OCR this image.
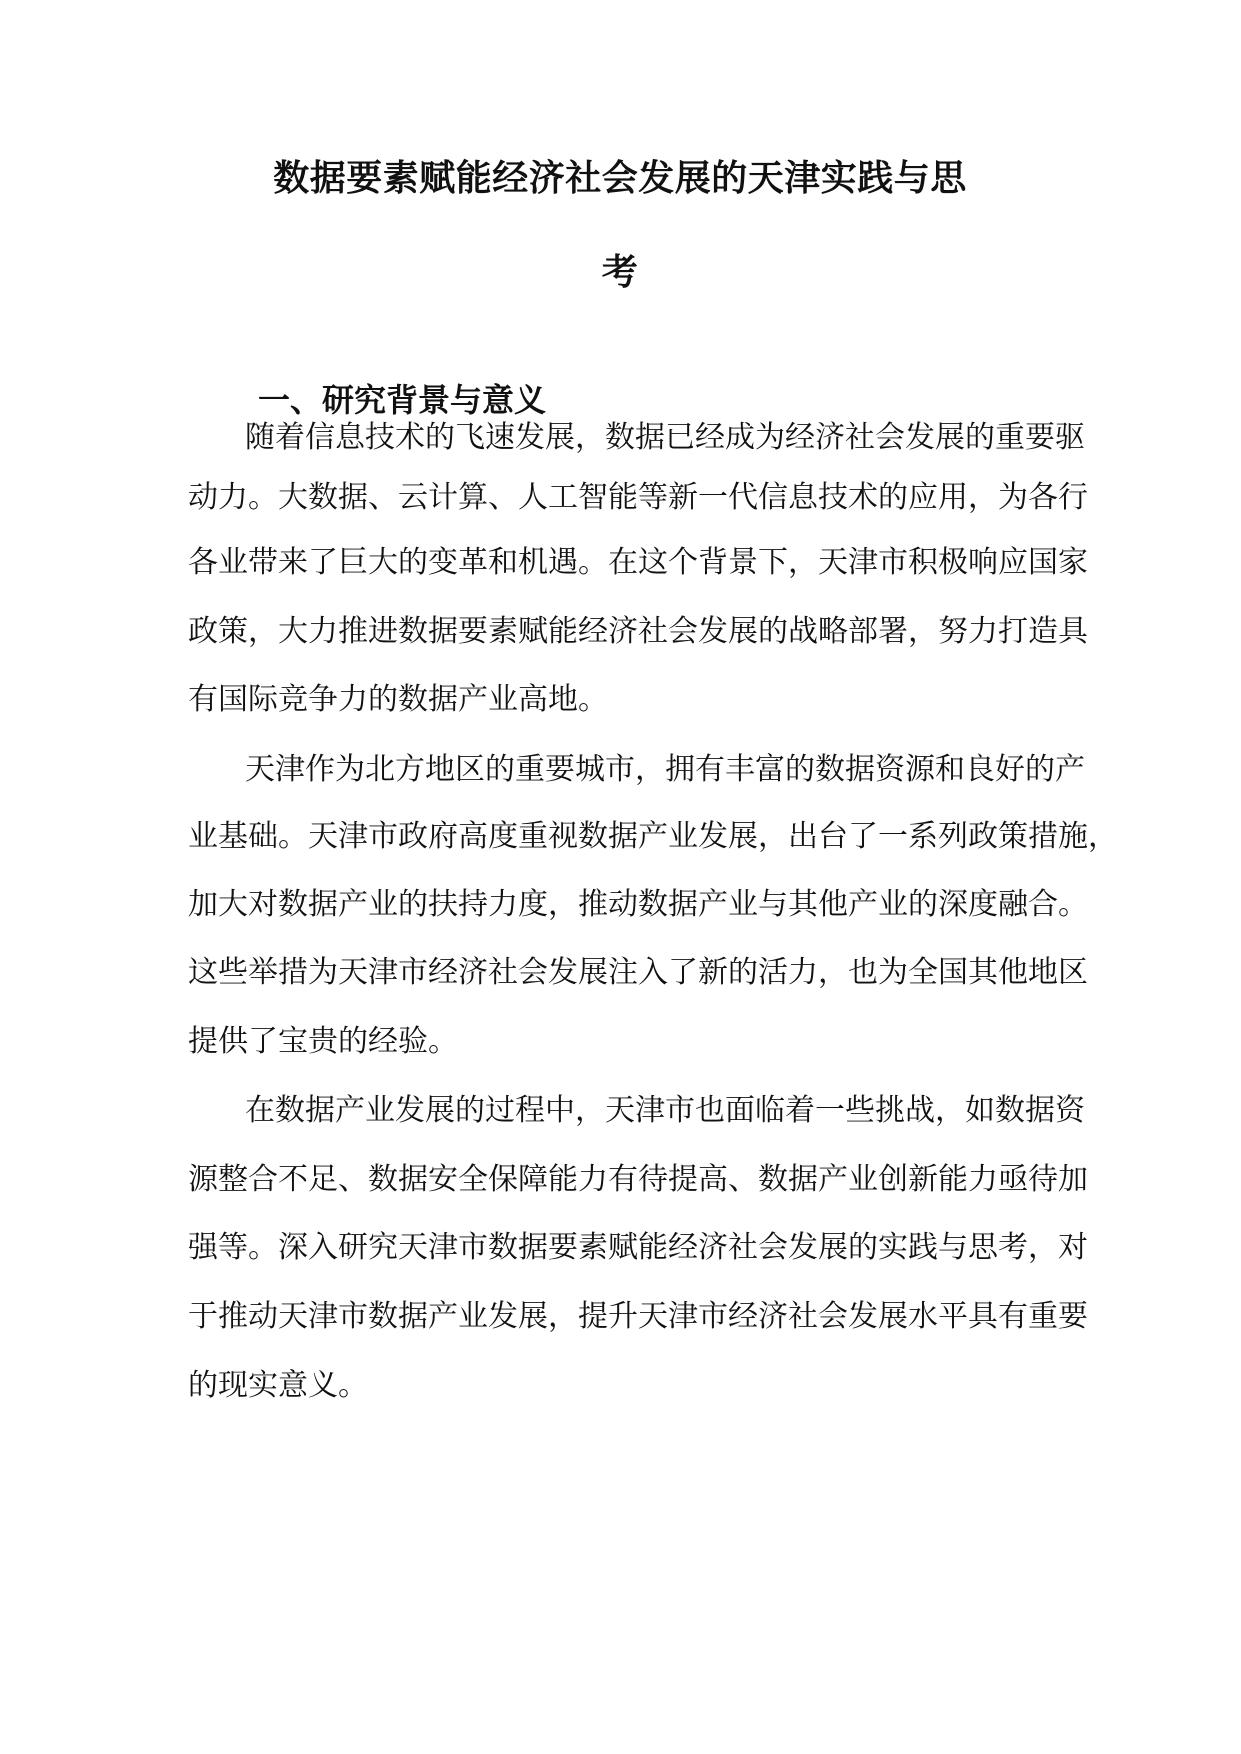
数据要素赋能经济社会发展的天津实践与思
考
一、研究背景与意义

随着信息技术的飞速发展，数据已经成为经济社会发展的重要驱

动力。大数据、云计算、人工智能等新一代信息技术的应用，为各行

各业带来了巨大的变革和机遇。在这个背景下，天津市积极响应国家

政策，大力推进数据要素赋能经济社会发展的战略部署，努力打造具

有国际竞争力的数据产业高地。

天津作为北方地区的重要城市，拥有丰富的数据资源和良好的产

业基础。天津市政府高度重视数据产业发展，出台了一系列政策措施，

加大对数据产业的扶持力度，推动数据产业与其他产业的深度融合。

这些举措为天津市经济社会发展注入了新的活力，也为全国其他地区

提供了宝贵的经验。

在数据产业发展的过程中，天津市也面临着一些挑战，如数据资

源整合不足、数据安全保障能力有待提高、数据产业创新能力亟待加

强等。深入研究天津市数据要素赋能经济社会发展的实践与思考，对

于推动天津市数据产业发展，提升天津市经济社会发展水平具有重要

的现实意义。
